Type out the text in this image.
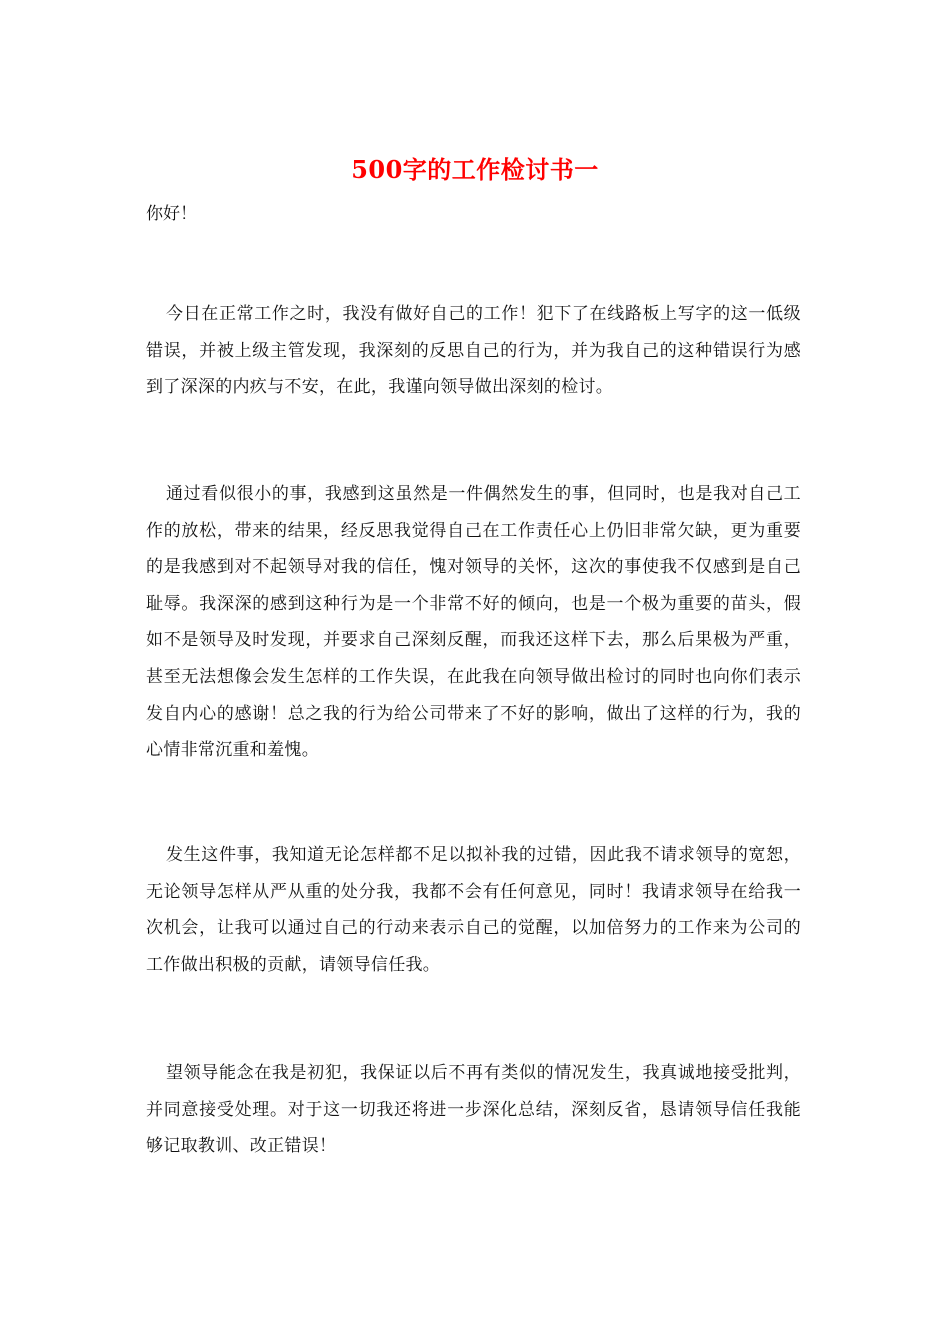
500字的工作检讨书一
你好！

今日在正常工作之时，我没有做好自己的工作！犯下了在线路板上写字的这一低级错误，并被上级主管发现，我深刻的反思自己的行为，并为我自己的这种错误行为感到了深深的内疚与不安，在此，我谨向领导做出深刻的检讨。

通过看似很小的事，我感到这虽然是一件偶然发生的事，但同时，也是我对自己工作的放松，带来的结果，经反思我觉得自己在工作责任心上仍旧非常欠缺，更为重要的是我感到对不起领导对我的信任，愧对领导的关怀，这次的事使我不仅感到是自己耻辱。我深深的感到这种行为是一个非常不好的倾向，也是一个极为重要的苗头，假如不是领导及时发现，并要求自己深刻反醒，而我还这样下去，那么后果极为严重，甚至无法想像会发生怎样的工作失误，在此我在向领导做出检讨的同时也向你们表示发自内心的感谢！总之我的行为给公司带来了不好的影响，做出了这样的行为，我的心情非常沉重和羞愧。

发生这件事，我知道无论怎样都不足以拟补我的过错，因此我不请求领导的宽恕，无论领导怎样从严从重的处分我，我都不会有任何意见，同时！我请求领导在给我一次机会，让我可以通过自己的行动来表示自己的觉醒，以加倍努力的工作来为公司的工作做出积极的贡献，请领导信任我。

望领导能念在我是初犯，我保证以后不再有类似的情况发生，我真诚地接受批判，并同意接受处理。对于这一切我还将进一步深化总结，深刻反省，恳请领导信任我能够记取教训、改正错误！
